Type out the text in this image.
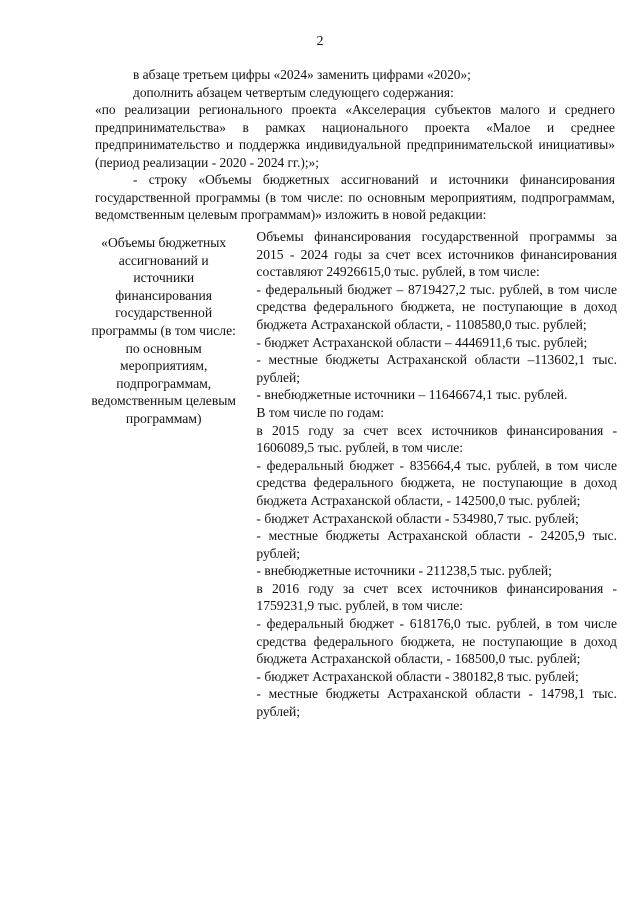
2

в абзаце третьем цифры «2024» заменить цифрами «2020»;

дополнить абзацем четвертым следующего содержания:

«по реализации регионального проекта «Акселерация субъектов малого и среднего предпринимательства» в рамках национального проекта «Малое и среднее предпринимательство и поддержка индивидуальной предпринимательской инициативы» (период реализации - 2020 - 2024 гг.);»;

- строку «Объемы бюджетных ассигнований и источники финансирования государственной программы (в том числе: по основным мероприятиям, подпрограммам, ведомственным целевым программам)» изложить в новой редакции:

«Объемы бюджетных ассигнований и источники финансирования государственной программы (в том числе: по основным мероприятиям, подпрограммам, ведомственным целевым программам)

Объемы финансирования государственной программы за 2015 - 2024 годы за счет всех источников финансирования составляют 24926615,0 тыс. рублей, в том числе:

- федеральный бюджет – 8719427,2 тыс. рублей, в том числе средства федерального бюджета, не поступающие в доход бюджета Астраханской области, - 1108580,0 тыс. рублей;

- бюджет Астраханской области – 4446911,6 тыс. рублей;

- местные бюджеты Астраханской области –113602,1 тыс. рублей;

- внебюджетные источники – 11646674,1 тыс. рублей.

В том числе по годам:

в 2015 году за счет всех источников финансирования - 1606089,5 тыс. рублей, в том числе:

- федеральный бюджет - 835664,4 тыс. рублей, в том числе средства федерального бюджета, не поступающие в доход бюджета Астраханской области, - 142500,0 тыс. рублей;

- бюджет Астраханской области - 534980,7 тыс. рублей;

- местные бюджеты Астраханской области - 24205,9 тыс. рублей;

- внебюджетные источники - 211238,5 тыс. рублей;

в 2016 году за счет всех источников финансирования - 1759231,9 тыс. рублей, в том числе:

- федеральный бюджет - 618176,0 тыс. рублей, в том числе средства федерального бюджета, не поступающие в доход бюджета Астраханской области, - 168500,0 тыс. рублей;

- бюджет Астраханской области - 380182,8 тыс. рублей;

- местные бюджеты Астраханской области - 14798,1 тыс. рублей;
